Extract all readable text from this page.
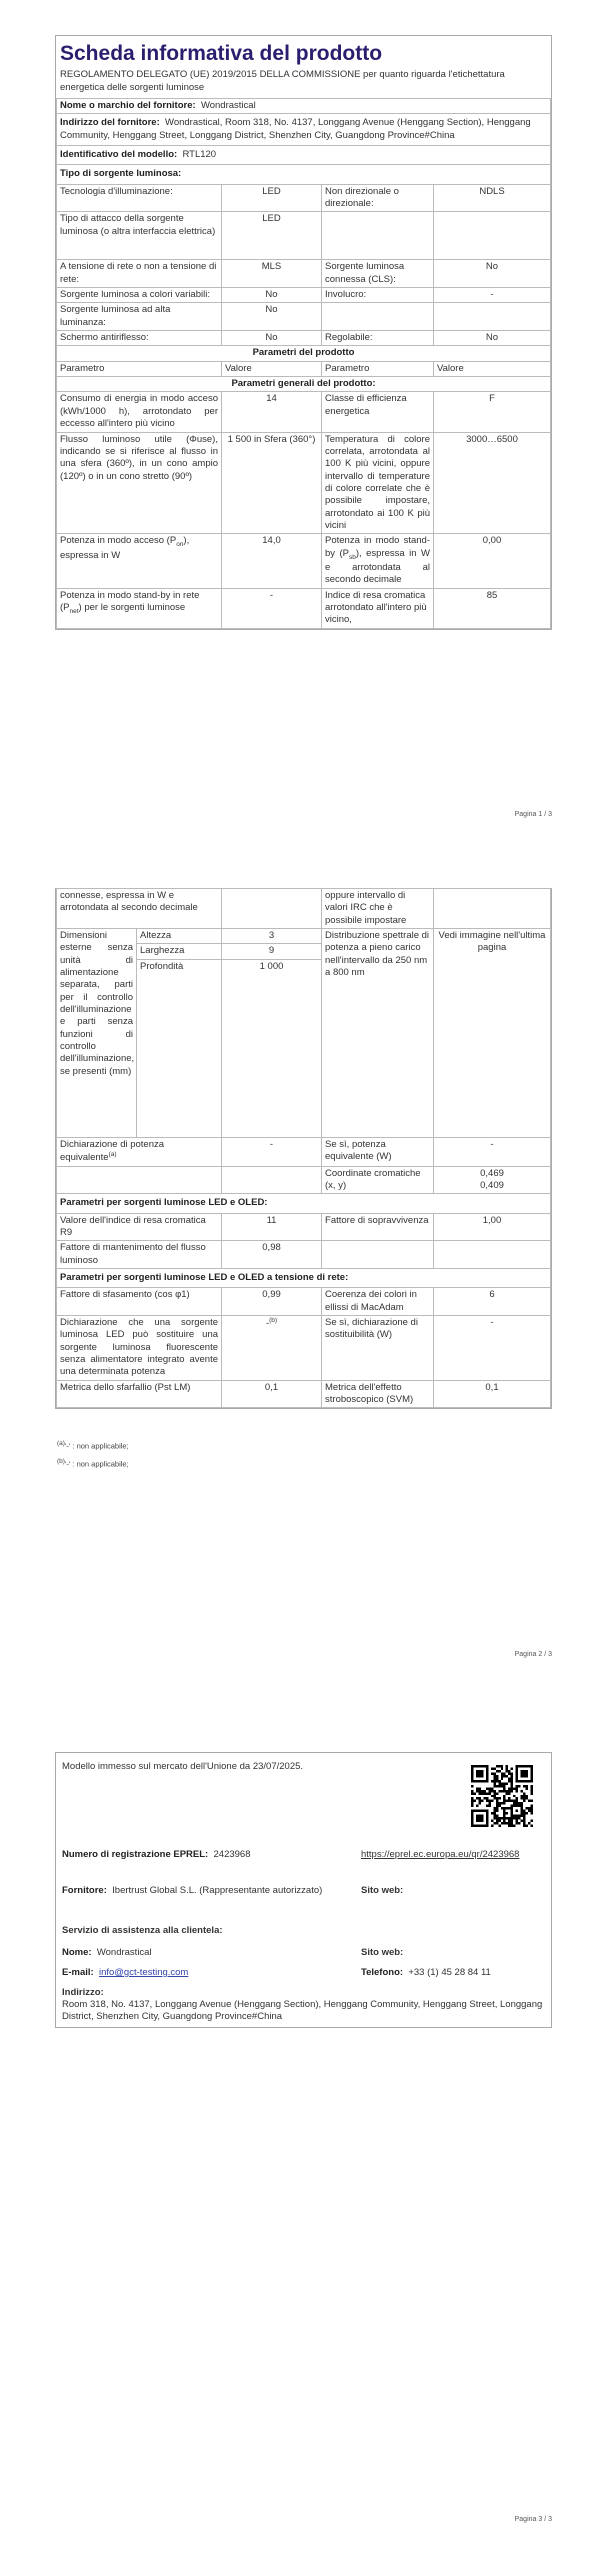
Scheda informativa del prodotto
REGOLAMENTO DELEGATO (UE) 2019/2015 DELLA COMMISSIONE per quanto riguarda l'etichettatura energetica delle sorgenti luminose
Nome o marchio del fornitore: Wondrastical			
Indirizzo del fornitore: Wondrastical, Room 318, No. 4137, Longgang Avenue (Henggang Section), Henggang Community, Henggang Street, Longgang District, Shenzhen City, Guangdong Province#China			
Identificativo del modello: RTL120			
Tipo di sorgente luminosa:			
Tecnologia d'illuminazione:	LED	Non direzionale o direzionale:	NDLS
Tipo di attacco della sorgente luminosa (o altra interfaccia elettrica)	LED		
A tensione di rete o non a tensione di rete:	MLS	Sorgente luminosa connessa (CLS):	No
Sorgente luminosa a colori variabili:	No	Involucro:	-
Sorgente luminosa ad alta luminanza:	No		
Schermo antiriflesso:	No	Regolabile:	No
Parametri del prodotto			
Parametro	Valore	Parametro	Valore
Parametri generali del prodotto:			
Consumo di energia in modo acceso (kWh/1000 h), arrotondato per eccesso all'intero più vicino	14	Classe di efficienza energetica	F
Flusso luminoso utile (Φuse), indicando se si riferisce al flusso in una sfera (360º), in un cono ampio (120º) o in un cono stretto (90º)	1 500 in Sfera (360°)	Temperatura di colore correlata, arrotondata al 100 K più vicini, oppure intervallo di temperature di colore correlate che è possibile impostare, arrotondato ai 100 K più vicini	3000…6500
Potenza in modo acceso $(P_{on})$, espressa in W	14,0	Potenza in modo stand-by $(P_{sb})$, espressa in W e arrotondata al secondo decimale	0,00
Potenza in modo stand-by in rete $(P_{net})$ per le sorgenti luminose	-	Indice di resa cromatica arrotondato all'intero più vicino,	85
Pagina 1 / 3
connesse, espressa in W e arrotondata al secondo decimale			oppure intervallo di valori IRC che è possibile impostare	
Dimensioni esterne senza unità di alimentazione separata, parti per il controllo dell'illuminazione e parti senza funzioni di controllo dell'illuminazione, se presenti (mm)	Altezza	3	Distribuzione spettrale di potenza a pieno carico nell'intervallo da 250 nm a 800 nm	Vedi immagine nell'ultima pagina
	Larghezza	9		
	Profondità	1 000		
Dichiarazione di potenza equivalente$^{(a)}$		-	Se sì, potenza equivalente (W)	-
			Coordinate cromatiche (x, y)	0,469
0,409

Parametri per sorgenti luminose LED e OLED:				
Valore dell'indice di resa cromatica R9		11	Fattore di sopravvivenza	1,00
Fattore di mantenimento del flusso luminoso		0,98		
Parametri per sorgenti luminose LED e OLED a tensione di rete:				
Fattore di sfasamento (cos φ1)		0,99	Coerenza dei colori in ellissi di MacAdam	6
Dichiarazione che una sorgente luminosa LED può sostituire una sorgente luminosa fluorescente senza alimentatore integrato avente una determinata potenza		-$^{(b)}$	Se sì, dichiarazione di sostituibilità (W)	-
Metrica dello sfarfallio (Pst LM)		0,1	Metrica dell'effetto stroboscopico (SVM)	0,1
$^{(a)}$'-' : non applicabile;
$^{(b)}$'-' : non applicabile;
Pagina 2 / 3
Modello immesso sul mercato dell'Unione da 23/07/2025.
Numero di registrazione EPREL: 2423968	https://eprel.ec.europa.eu/qr/2423968
Fornitore: Ibertrust Global S.L. (Rappresentante autorizzato)	Sito web:
Servizio di assistenza alla clientela:
Nome: Wondrastical	Sito web:
E-mail: info@gct-testing.com	Telefono: +33 (1) 45 28 84 11
Indirizzo:
Room 318, No. 4137, Longgang Avenue (Henggang Section), Henggang Community, Henggang Street, Longgang District, Shenzhen City, Guangdong Province#China
Pagina 3 / 3
